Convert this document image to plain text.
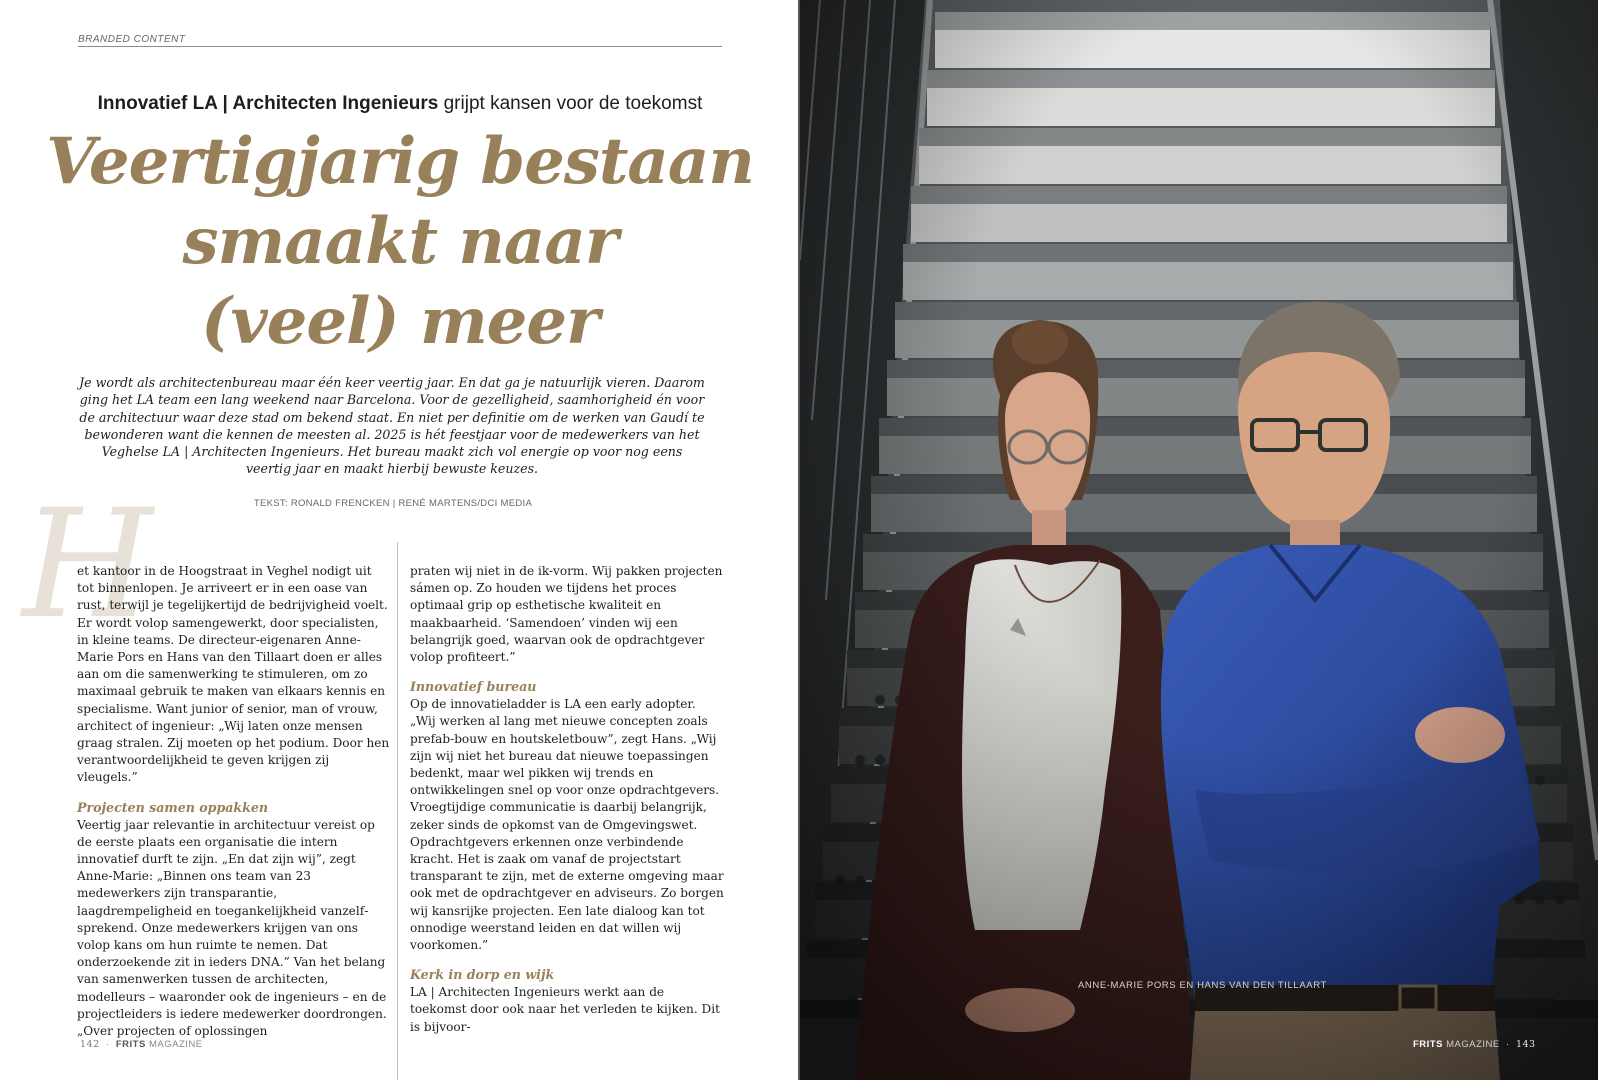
BRANDED CONTENT
Innovatief LA | Architecten Ingenieurs grijpt kansen voor de toekomst
Veertigjarig bestaan
smaakt naar
(veel) meer
Je wordt als architectenbureau maar één keer veertig jaar. En dat ga je natuurlijk vieren. Daarom ging het LA team een lang weekend naar Barcelona. Voor de gezelligheid, saamhorigheid én voor de architectuur waar deze stad om bekend staat. En niet per definitie om de werken van Gaudí te bewonderen want die kennen de meesten al. 2025 is hét feestjaar voor de medewerkers van het Veghelse LA | Architecten Ingenieurs. Het bureau maakt zich vol energie op voor nog eens veertig jaar en maakt hierbij bewuste keuzes.
TEKST: RONALD FRENCKEN | RENÉ MARTENS/DCI MEDIA
H

et kantoor in de Hoogstraat in Veghel nodigt uit tot binnenlopen. Je arriveert er in een oase van rust, terwijl je tegelijkertijd de bedrijvigheid voelt. Er wordt volop samengewerkt, door specialisten, in kleine teams. De directeur-eigenaren Anne-Marie Pors en Hans van den Tillaart doen er alles aan om die samenwerking te stimuleren, om zo maximaal gebruik te maken van elkaars kennis en specialisme. Want junior of senior, man of vrouw, architect of ingenieur: „Wij laten onze mensen graag stralen. Zij moeten op het podium. Door hen verantwoordelijkheid te geven krijgen zij vleugels.”

Projecten samen oppakken

Veertig jaar relevantie in architectuur vereist op de eerste plaats een organisatie die intern innovatief durft te zijn. „En dat zijn wij”, zegt Anne-Marie: „Binnen ons team van 23 medewerkers zijn transparantie, laagdrempeligheid en toegankelijkheid vanzelfsprekend. Onze medewerkers krijgen van ons volop kans om hun ruimte te nemen. Dat onderzoekende zit in ieders DNA.” Van het belang van samenwerken tussen de architecten, modelleurs – waaronder ook de ingenieurs – en de projectleiders is iedere medewerker doordrongen. „Over projecten of oplossingen

praten wij niet in de ik-vorm. Wij pakken projecten sámen op. Zo houden we tijdens het proces optimaal grip op esthetische kwaliteit en maakbaarheid. ‘Samendoen’ vinden wij een belangrijk goed, waarvan ook de opdrachtgever volop profiteert.”

Innovatief bureau

Op de innovatieladder is LA een early adopter. „Wij werken al lang met nieuwe concepten zoals prefab-bouw en houtskeletbouw”, zegt Hans. „Wij zijn wij niet het bureau dat nieuwe toepassingen bedenkt, maar wel pikken wij trends en ontwikkelingen snel op voor onze opdrachtgevers. Vroegtijdige communicatie is daarbij belangrijk, zeker sinds de opkomst van de Omgevingswet. Opdrachtgevers erkennen onze verbindende kracht. Het is zaak om vanaf de projectstart transparant te zijn, met de externe omgeving maar ook met de opdrachtgever en adviseurs. Zo borgen wij kansrijke projecten. Een late dialoog kan tot onnodige weerstand leiden en dat willen wij voorkomen.”

Kerk in dorp en wijk

LA | Architecten Ingenieurs werkt aan de toekomst door ook naar het verleden te kijken. Dit is bijvoor-

142  ·  FRITS MAGAZINE
ANNE-MARIE PORS EN HANS VAN DEN TILLAART
FRITS MAGAZINE  ·  143
